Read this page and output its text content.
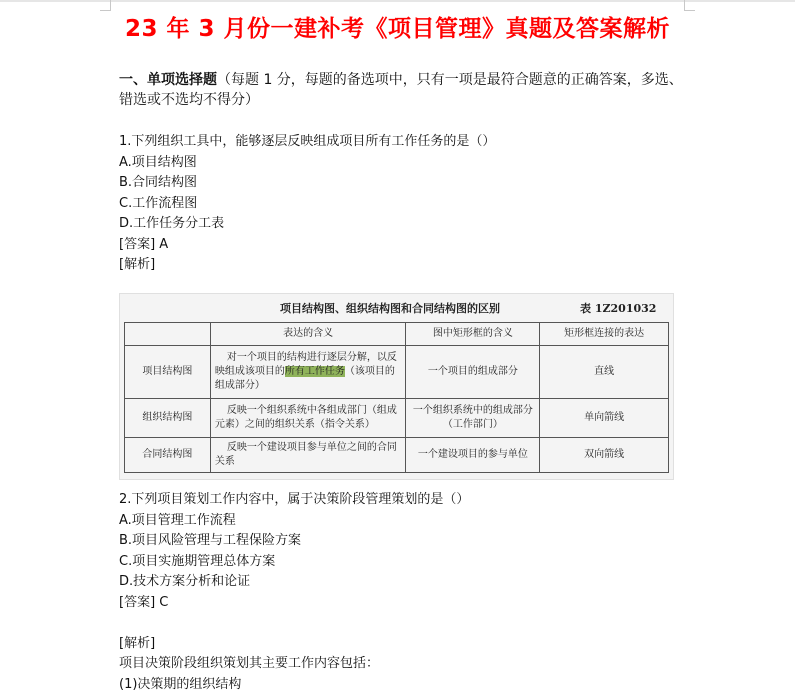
23 年 3 月份一建补考《项目管理》真题及答案解析

一、单项选择题（每题 1 分，每题的备选项中，只有一项是最符合题意的正确答案，多选、错选或不选均不得分）

1.下列组织工具中，能够逐层反映组成项目所有工作任务的是（）
A.项目结构图
B.合同结构图
C.工作流程图
D.工作任务分工表
[答案] A
[解析]
项目结构图、组织结构图和合同结构图的区别	表 1Z201032
	表达的含义	图中矩形框的含义	矩形框连接的表达
项目结构图	对一个项目的结构进行逐层分解，以反映组成该项目的所有工作任务（该项目的组成部分）	一个项目的组成部分	直线
组织结构图	反映一个组织系统中各组成部门（组成元素）之间的组织关系（指令关系）	一个组织系统中的组成部分（工作部门）	单向箭线
合同结构图	反映一个建设项目参与单位之间的合同关系	一个建设项目的参与单位	双向箭线
2.下列项目策划工作内容中，属于决策阶段管理策划的是（）
A.项目管理工作流程
B.项目风险管理与工程保险方案
C.项目实施期管理总体方案
D.技术方案分析和论证
[答案] C
[解析]
项目决策阶段组织策划其主要工作内容包括：
(1)决策期的组织结构
